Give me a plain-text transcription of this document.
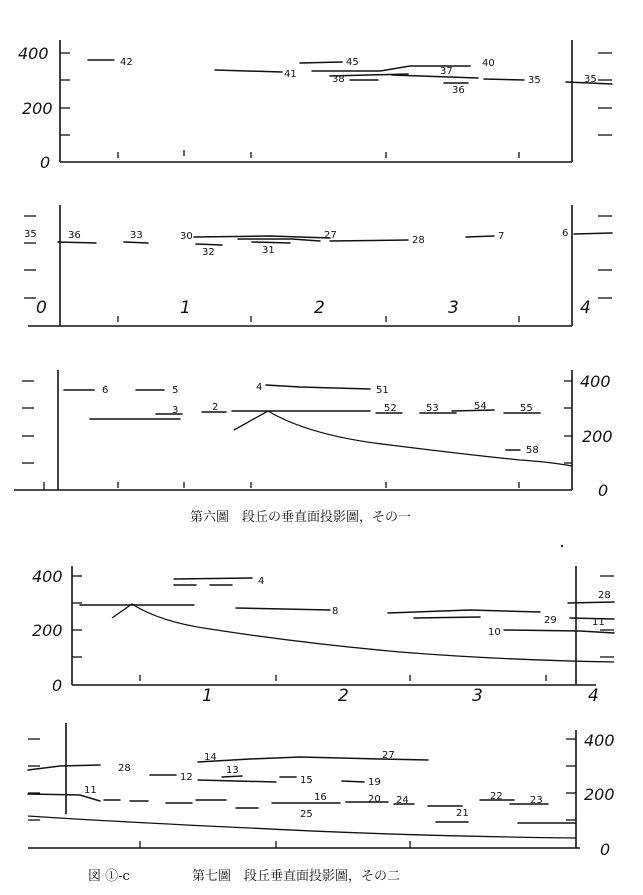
400
200
0
42
41
45	40
37
38
36
35	35
0	1	2	3	4
35	36	33	30	27	28	7	6
32	31
400
200
0
6	5	4	51
3	2	52	53	54	55
58
第六圖　段丘の垂直面投影圖，その一
400
200
0
1	2	3	4
4
8
28
29	11
10
400
200
0
28
14
13
27
12	15	19
11
16	20 24	22	23
25	21
図 ①-c	第七圖　段丘垂直面投影圖，その二
